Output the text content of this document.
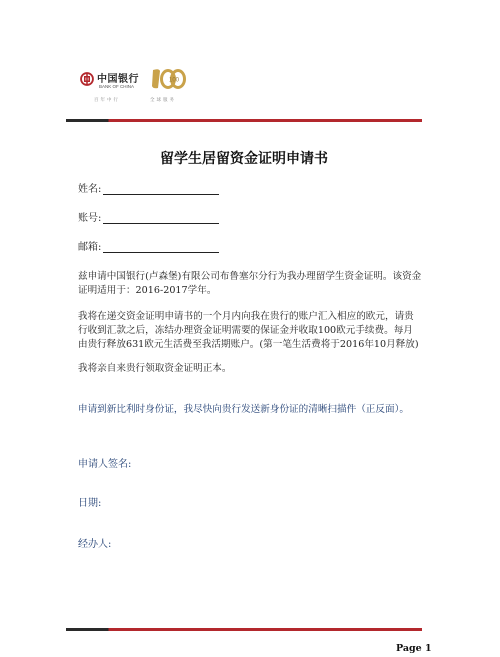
中国银行
BANK OF CHINA
百年中行
100
全球服务
留学生居留资金证明申请书
姓名:
账号:
邮箱:
兹申请中国银行(卢森堡)有限公司布鲁塞尔分行为我办理留学生资金证明。该资金证明适用于：2016-2017学年。
我将在递交资金证明申请书的一个月内向我在贵行的账户汇入相应的欧元，请贵行收到汇款之后，冻结办理资金证明需要的保证金并收取100欧元手续费。每月由贵行释放631欧元生活费至我活期账户。(第一笔生活费将于2016年10月释放)
我将亲自来贵行领取资金证明正本。
申请到新比利时身份证，我尽快向贵行发送新身份证的清晰扫描件（正反面）。
申请人签名:
日期:
经办人:
Page 1
